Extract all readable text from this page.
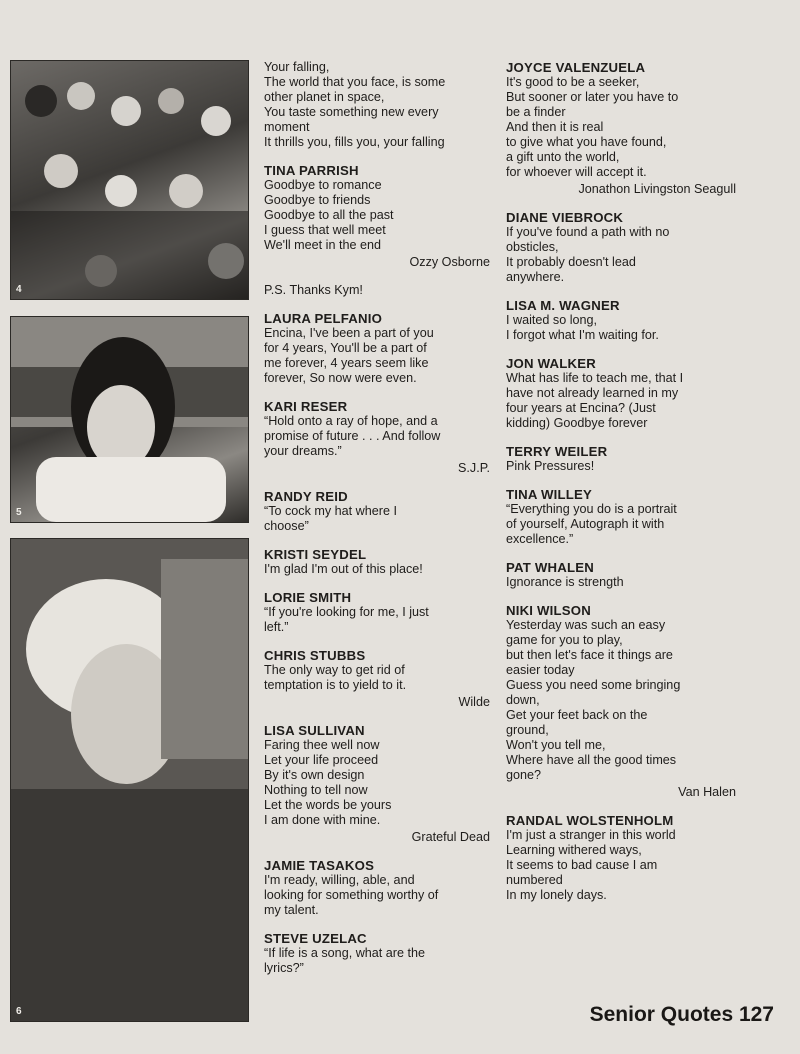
4
5
6
Your falling,
The world that you face, is some
other planet in space,
You taste something new every
moment
It thrills you, fills you, your falling
TINA PARRISH
Goodbye to romance
Goodbye to friends
Goodbye to all the past
I guess that well meet
We'll meet in the end
Ozzy Osborne
P.S. Thanks Kym!
LAURA PELFANIO
Encina, I've been a part of you
for 4 years, You'll be a part of
me forever, 4 years seem like
forever, So now were even.
KARI RESER
“Hold onto a ray of hope, and a
promise of future . . . And follow
your dreams.”
S.J.P.
RANDY REID
“To cock my hat where I
choose”
KRISTI SEYDEL
I'm glad I'm out of this place!
LORIE SMITH
“If you're looking for me, I just
left.”
CHRIS STUBBS
The only way to get rid of
temptation is to yield to it.
Wilde
LISA SULLIVAN
Faring thee well now
Let your life proceed
By it's own design
Nothing to tell now
Let the words be yours
I am done with mine.
Grateful Dead
JAMIE TASAKOS
I'm ready, willing, able, and
looking for something worthy of
my talent.
STEVE UZELAC
“If life is a song, what are the
lyrics?”
JOYCE VALENZUELA
It's good to be a seeker,
But sooner or later you have to
be a finder
And then it is real
to give what you have found,
a gift unto the world,
for whoever will accept it.
Jonathon Livingston Seagull
DIANE VIEBROCK
If you've found a path with no
obsticles,
It probably doesn't lead
anywhere.
LISA M. WAGNER
I waited so long,
I forgot what I'm waiting for.
JON WALKER
What has life to teach me, that I
have not already learned in my
four years at Encina? (Just
kidding) Goodbye forever
TERRY WEILER
Pink Pressures!
TINA WILLEY
“Everything you do is a portrait
of yourself, Autograph it with
excellence.”
PAT WHALEN
Ignorance is strength
NIKI WILSON
Yesterday was such an easy
game for you to play,
but then let's face it things are
easier today
Guess you need some bringing
down,
Get your feet back on the
ground,
Won't you tell me,
Where have all the good times
gone?
Van Halen
RANDAL WOLSTENHOLM
I'm just a stranger in this world
Learning withered ways,
It seems to bad cause I am
numbered
In my lonely days.
Senior Quotes 127
